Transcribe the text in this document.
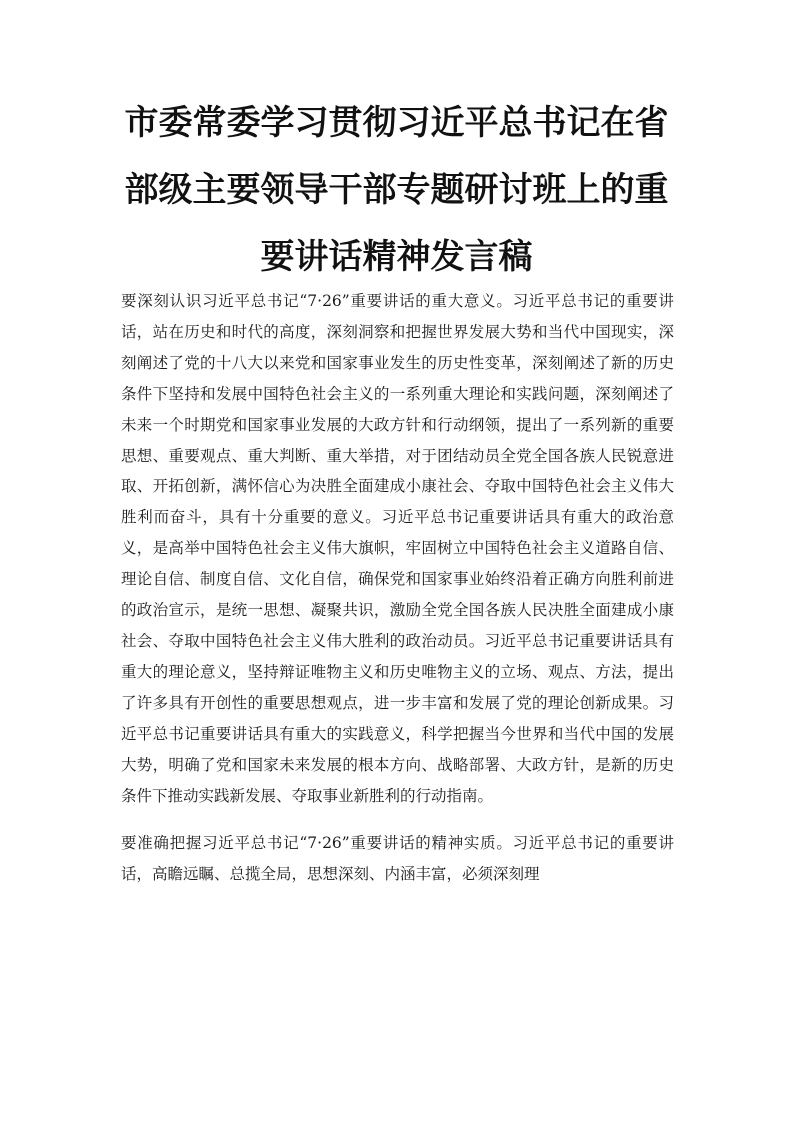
市委常委学习贯彻习近平总书记在省部级主要领导干部专题研讨班上的重要讲话精神发言稿

要深刻认识习近平总书记“7·26”重要讲话的重大意义。习近平总书记的重要讲话，站在历史和时代的高度，深刻洞察和把握世界发展大势和当代中国现实，深刻阐述了党的十八大以来党和国家事业发生的历史性变革，深刻阐述了新的历史条件下坚持和发展中国特色社会主义的一系列重大理论和实践问题，深刻阐述了未来一个时期党和国家事业发展的大政方针和行动纲领，提出了一系列新的重要思想、重要观点、重大判断、重大举措，对于团结动员全党全国各族人民锐意进取、开拓创新，满怀信心为决胜全面建成小康社会、夺取中国特色社会主义伟大胜利而奋斗，具有十分重要的意义。习近平总书记重要讲话具有重大的政治意义，是高举中国特色社会主义伟大旗帜，牢固树立中国特色社会主义道路自信、理论自信、制度自信、文化自信，确保党和国家事业始终沿着正确方向胜利前进的政治宣示，是统一思想、凝聚共识，激励全党全国各族人民决胜全面建成小康社会、夺取中国特色社会主义伟大胜利的政治动员。习近平总书记重要讲话具有重大的理论意义，坚持辩证唯物主义和历史唯物主义的立场、观点、方法，提出了许多具有开创性的重要思想观点，进一步丰富和发展了党的理论创新成果。习近平总书记重要讲话具有重大的实践意义，科学把握当今世界和当代中国的发展大势，明确了党和国家未来发展的根本方向、战略部署、大政方针，是新的历史条件下推动实践新发展、夺取事业新胜利的行动指南。

要准确把握习近平总书记“7·26”重要讲话的精神实质。习近平总书记的重要讲话，高瞻远瞩、总揽全局，思想深刻、内涵丰富，必须深刻理
